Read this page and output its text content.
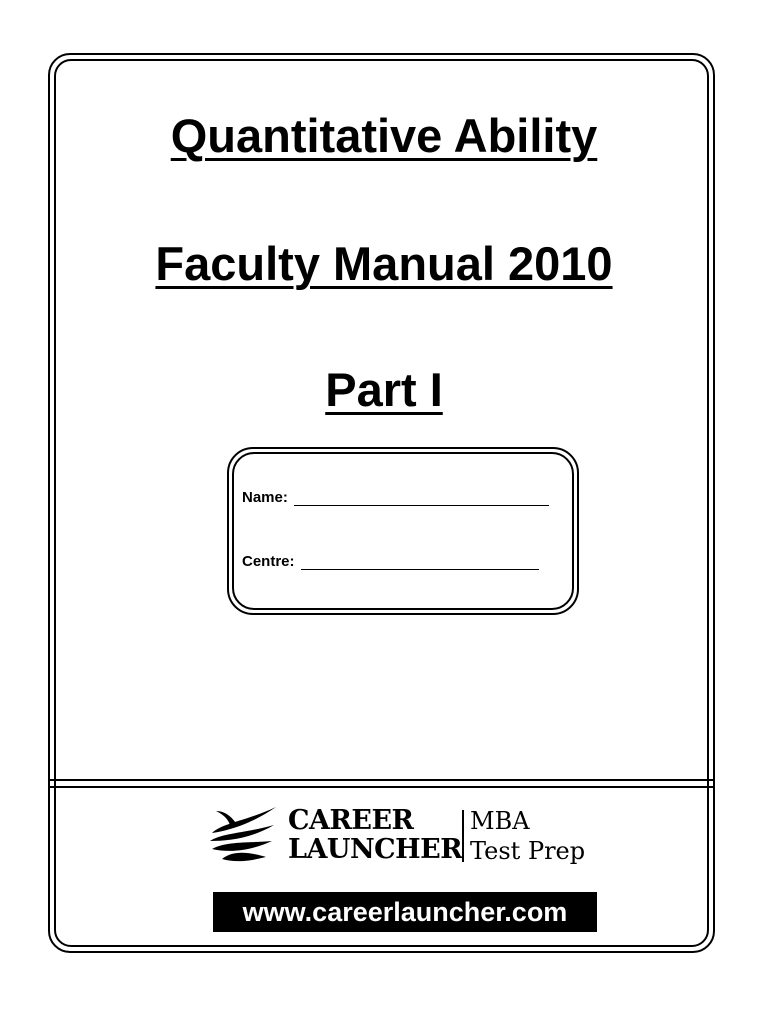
Quantitative Ability
Faculty Manual 2010
Part I
Name:
Centre:
CAREER
LAUNCHER
MBA
Test Prep
www.careerlauncher.com
